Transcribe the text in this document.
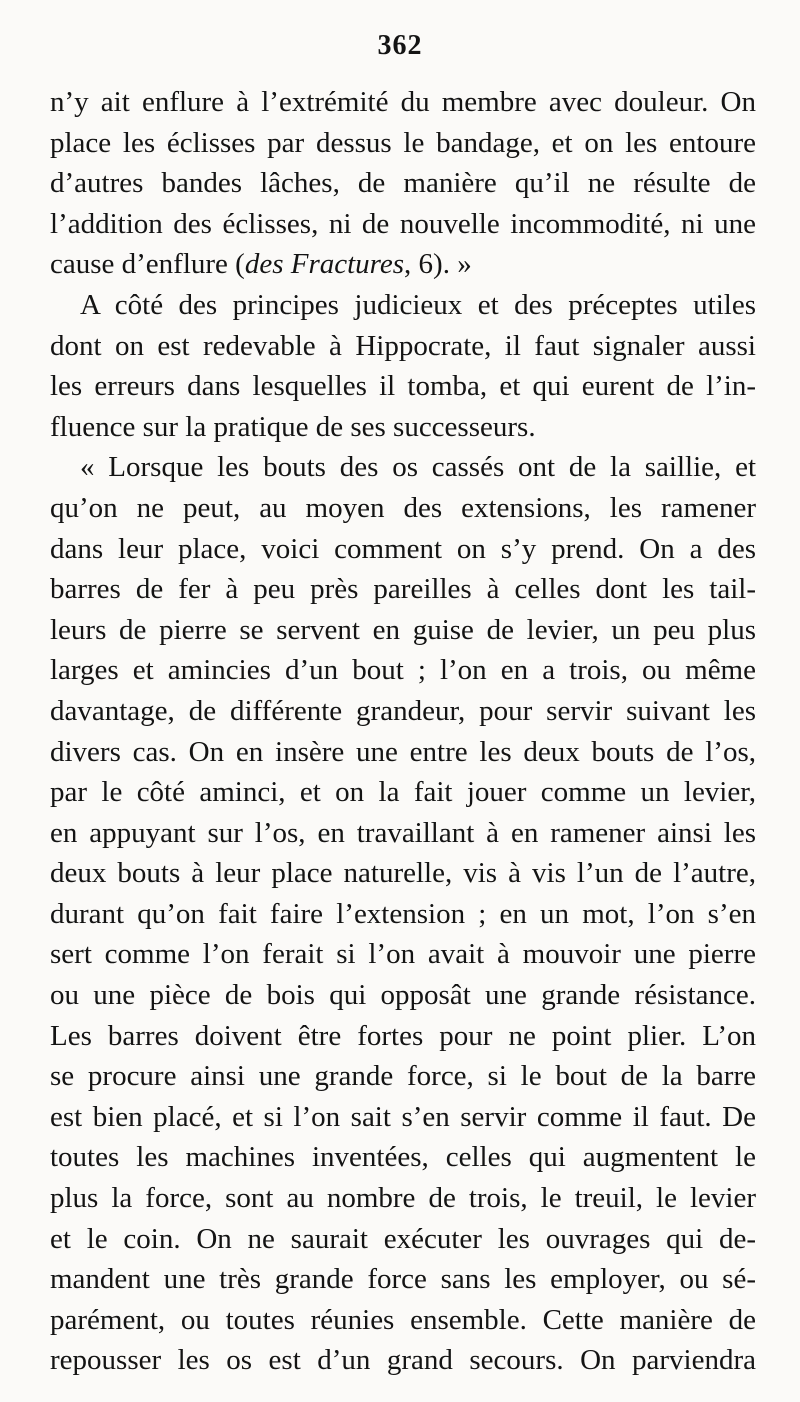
362
n’y ait enflure à l’extrémité du membre avec douleur. On
place les éclisses par dessus le bandage, et on les entoure
d’autres bandes lâches, de manière qu’il ne résulte de
l’addition des éclisses, ni de nouvelle incommodité, ni une
cause d’enflure (des Fractures, 6). »
A côté des principes judicieux et des préceptes utiles
dont on est redevable à Hippocrate, il faut signaler aussi
les erreurs dans lesquelles il tomba, et qui eurent de l’in-
fluence sur la pratique de ses successeurs.
« Lorsque les bouts des os cassés ont de la saillie, et
qu’on ne peut, au moyen des extensions, les ramener
dans leur place, voici comment on s’y prend. On a des
barres de fer à peu près pareilles à celles dont les tail-
leurs de pierre se servent en guise de levier, un peu plus
larges et amincies d’un bout ; l’on en a trois, ou même
davantage, de différente grandeur, pour servir suivant les
divers cas. On en insère une entre les deux bouts de l’os,
par le côté aminci, et on la fait jouer comme un levier,
en appuyant sur l’os, en travaillant à en ramener ainsi les
deux bouts à leur place naturelle, vis à vis l’un de l’autre,
durant qu’on fait faire l’extension ; en un mot, l’on s’en
sert comme l’on ferait si l’on avait à mouvoir une pierre
ou une pièce de bois qui opposât une grande résistance.
Les barres doivent être fortes pour ne point plier. L’on
se procure ainsi une grande force, si le bout de la barre
est bien placé, et si l’on sait s’en servir comme il faut. De
toutes les machines inventées, celles qui augmentent le
plus la force, sont au nombre de trois, le treuil, le levier
et le coin. On ne saurait exécuter les ouvrages qui de-
mandent une très grande force sans les employer, ou sé-
parément, ou toutes réunies ensemble. Cette manière de
repousser les os est d’un grand secours. On parviendra
